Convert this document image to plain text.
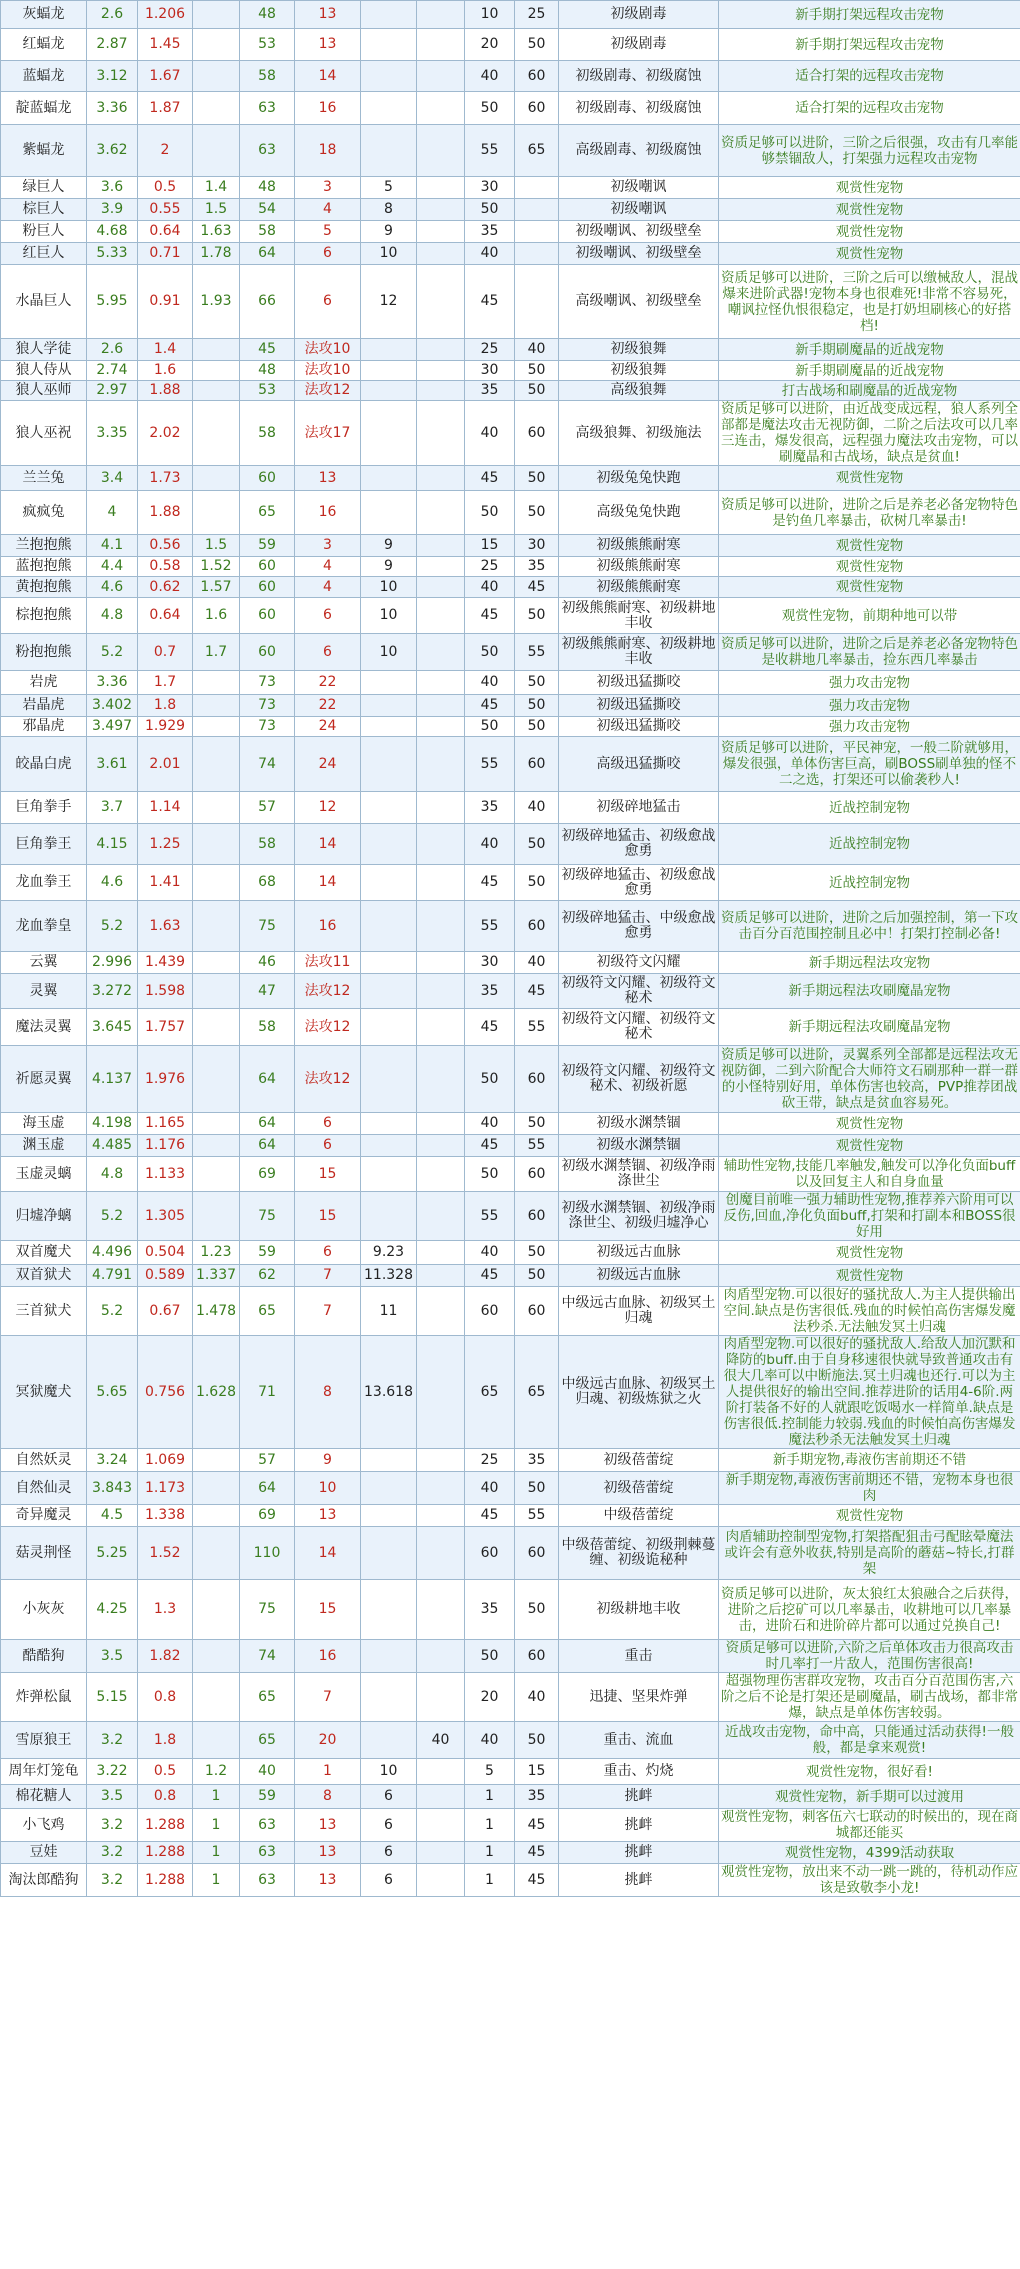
灰蝠龙	2.6	1.206		48	13			10	25	初级剧毒	新手期打架远程攻击宠物
红蝠龙	2.87	1.45		53	13			20	50	初级剧毒	新手期打架远程攻击宠物
蓝蝠龙	3.12	1.67		58	14			40	60	初级剧毒、初级腐蚀	适合打架的远程攻击宠物
靛蓝蝠龙	3.36	1.87		63	16			50	60	初级剧毒、初级腐蚀	适合打架的远程攻击宠物
紫蝠龙	3.62	2		63	18			55	65	高级剧毒、初级腐蚀	资质足够可以进阶，三阶之后很强，攻击有几率能够禁锢敌人，打架强力远程攻击宠物
绿巨人	3.6	0.5	1.4	48	3	5		30		初级嘲讽	观赏性宠物
棕巨人	3.9	0.55	1.5	54	4	8		50		初级嘲讽	观赏性宠物
粉巨人	4.68	0.64	1.63	58	5	9		35		初级嘲讽、初级壁垒	观赏性宠物
红巨人	5.33	0.71	1.78	64	6	10		40		初级嘲讽、初级壁垒	观赏性宠物
水晶巨人	5.95	0.91	1.93	66	6	12		45		高级嘲讽、初级壁垒	资质足够可以进阶，三阶之后可以缴械敌人，混战爆来进阶武器!宠物本身也很难死!非常不容易死，嘲讽拉怪仇恨很稳定，也是打奶坦刷核心的好搭档!
狼人学徒	2.6	1.4		45	法攻10			25	40	初级狼舞	新手期刷魔晶的近战宠物
狼人侍从	2.74	1.6		48	法攻10			30	50	初级狼舞	新手期刷魔晶的近战宠物
狼人巫师	2.97	1.88		53	法攻12			35	50	高级狼舞	打古战场和刷魔晶的近战宠物
狼人巫祝	3.35	2.02		58	法攻17			40	60	高级狼舞、初级施法	资质足够可以进阶，由近战变成远程，狼人系列全部都是魔法攻击无视防御，二阶之后法攻可以几率三连击，爆发很高，远程强力魔法攻击宠物，可以刷魔晶和古战场，缺点是贫血!
兰兰兔	3.4	1.73		60	13			45	50	初级兔兔快跑	观赏性宠物
疯疯兔	4	1.88		65	16			50	50	高级兔兔快跑	资质足够可以进阶，进阶之后是养老必备宠物特色是钓鱼几率暴击，砍树几率暴击!
兰抱抱熊	4.1	0.56	1.5	59	3	9		15	30	初级熊熊耐寒	观赏性宠物
蓝抱抱熊	4.4	0.58	1.52	60	4	9		25	35	初级熊熊耐寒	观赏性宠物
黄抱抱熊	4.6	0.62	1.57	60	4	10		40	45	初级熊熊耐寒	观赏性宠物
棕抱抱熊	4.8	0.64	1.6	60	6	10		45	50	初级熊熊耐寒、初级耕地丰收	观赏性宠物，前期种地可以带
粉抱抱熊	5.2	0.7	1.7	60	6	10		50	55	初级熊熊耐寒、初级耕地丰收	资质足够可以进阶，进阶之后是养老必备宠物特色是收耕地几率暴击，捡东西几率暴击
岩虎	3.36	1.7		73	22			40	50	初级迅猛撕咬	强力攻击宠物
岩晶虎	3.402	1.8		73	22			45	50	初级迅猛撕咬	强力攻击宠物
邪晶虎	3.497	1.929		73	24			50	50	初级迅猛撕咬	强力攻击宠物
皎晶白虎	3.61	2.01		74	24			55	60	高级迅猛撕咬	资质足够可以进阶，平民神宠，一般二阶就够用，爆发很强，单体伤害巨高，刷BOSS刷单独的怪不二之选，打架还可以偷袭秒人!
巨角拳手	3.7	1.14		57	12			35	40	初级碎地猛击	近战控制宠物
巨角拳王	4.15	1.25		58	14			40	50	初级碎地猛击、初级愈战愈勇	近战控制宠物
龙血拳王	4.6	1.41		68	14			45	50	初级碎地猛击、初级愈战愈勇	近战控制宠物
龙血拳皇	5.2	1.63		75	16			55	60	初级碎地猛击、中级愈战愈勇	资质足够可以进阶，进阶之后加强控制，第一下攻击百分百范围控制且必中！打架打控制必备!
云翼	2.996	1.439		46	法攻11			30	40	初级符文闪耀	新手期远程法攻宠物
灵翼	3.272	1.598		47	法攻12			35	45	初级符文闪耀、初级符文秘术	新手期远程法攻刷魔晶宠物
魔法灵翼	3.645	1.757		58	法攻12			45	55	初级符文闪耀、初级符文秘术	新手期远程法攻刷魔晶宠物
祈愿灵翼	4.137	1.976		64	法攻12			50	60	初级符文闪耀、初级符文秘术、初级祈愿	资质足够可以进阶，灵翼系列全部都是远程法攻无视防御，二到六阶配合大师符文石刷那种一群一群的小怪特别好用，单体伤害也较高，PVP推荐团战砍王带，缺点是贫血容易死。
海玉虚	4.198	1.165		64	6			40	50	初级水渊禁锢	观赏性宠物
渊玉虚	4.485	1.176		64	6			45	55	初级水渊禁锢	观赏性宠物
玉虚灵螭	4.8	1.133		69	15			50	60	初级水渊禁锢、初级净雨涤世尘	辅助性宠物,技能几率触发,触发可以净化负面buff以及回复主人和自身血量
归墟净螭	5.2	1.305		75	15			55	60	初级水渊禁锢、初级净雨涤世尘、初级归墟净心	创魔目前唯一强力辅助性宠物,推荐养六阶用可以反伤,回血,净化负面buff,打架和打副本和BOSS很好用
双首魔犬	4.496	0.504	1.23	59	6	9.23		40	50	初级远古血脉	观赏性宠物
双首狱犬	4.791	0.589	1.337	62	7	11.328		45	50	初级远古血脉	观赏性宠物
三首狱犬	5.2	0.67	1.478	65	7	11		60	60	中级远古血脉、初级冥土归魂	肉盾型宠物.可以很好的骚扰敌人.为主人提供输出空间.缺点是伤害很低.残血的时候怕高伤害爆发魔法秒杀.无法触发冥土归魂
冥狱魔犬	5.65	0.756	1.628	71	8	13.618		65	65	中级远古血脉、初级冥土归魂、初级炼狱之火	肉盾型宠物.可以很好的骚扰敌人.给敌人加沉默和降防的buff.由于自身移速很快就导致普通攻击有很大几率可以中断施法.冥土归魂也还行.可以为主人提供很好的输出空间.推荐进阶的话用4-6阶.两阶打装备不好的人就跟吃饭喝水一样简单.缺点是伤害很低.控制能力较弱.残血的时候怕高伤害爆发魔法秒杀无法触发冥土归魂
自然妖灵	3.24	1.069		57	9			25	35	初级蓓蕾绽	新手期宠物,毒液伤害前期还不错
自然仙灵	3.843	1.173		64	10			40	50	初级蓓蕾绽	新手期宠物,毒液伤害前期还不错，宠物本身也很肉
奇异魔灵	4.5	1.338		69	13			45	55	中级蓓蕾绽	观赏性宠物
菇灵荆怪	5.25	1.52		110	14			60	60	中级蓓蕾绽、初级荆棘蔓缠、初级诡秘种	肉盾辅助控制型宠物,打架搭配狙击弓配眩晕魔法或许会有意外收获,特别是高阶的蘑菇~特长,打群架
小灰灰	4.25	1.3		75	15			35	50	初级耕地丰收	资质足够可以进阶，灰太狼红太狼融合之后获得，进阶之后挖矿可以几率暴击，收耕地可以几率暴击，进阶石和进阶碎片都可以通过兑换自己!
酷酷狗	3.5	1.82		74	16			50	60	重击	资质足够可以进阶,六阶之后单体攻击力很高攻击时几率打一片敌人，范围伤害很高!
炸弹松鼠	5.15	0.8		65	7			20	40	迅捷、坚果炸弹	超强物理伤害群攻宠物，攻击百分百范围伤害,六阶之后不论是打架还是刷魔晶，刷古战场，都非常爆，缺点是单体伤害较弱。
雪原狼王	3.2	1.8		65	20		40	40	50	重击、流血	近战攻击宠物，命中高，只能通过活动获得!一般般，都是拿来观赏!
周年灯笼龟	3.22	0.5	1.2	40	1	10		5	15	重击、灼烧	观赏性宠物，很好看!
棉花糖人	3.5	0.8	1	59	8	6		1	35	挑衅	观赏性宠物，新手期可以过渡用
小飞鸡	3.2	1.288	1	63	13	6		1	45	挑衅	观赏性宠物，刺客伍六七联动的时候出的，现在商城都还能买
豆娃	3.2	1.288	1	63	13	6		1	45	挑衅	观赏性宠物，4399活动获取
淘汰郎酷狗	3.2	1.288	1	63	13	6		1	45	挑衅	观赏性宠物，放出来不动一跳一跳的，待机动作应该是致敬李小龙!
